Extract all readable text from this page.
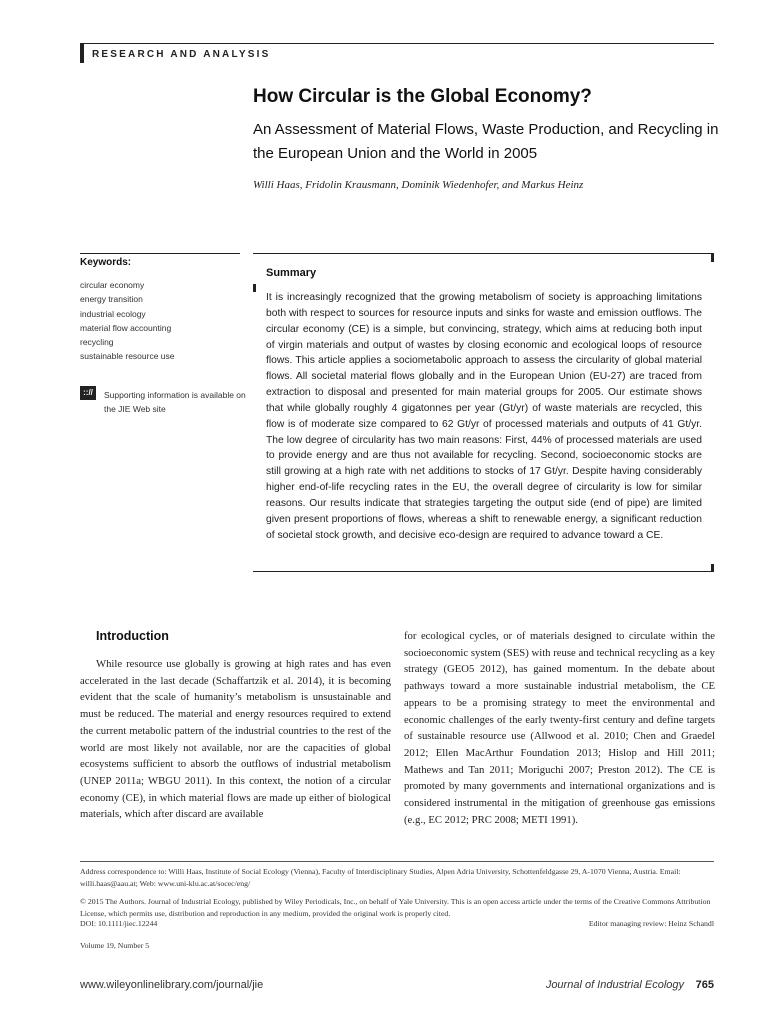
RESEARCH AND ANALYSIS
How Circular is the Global Economy?
An Assessment of Material Flows, Waste Production, and Recycling in the European Union and the World in 2005
Willi Haas, Fridolin Krausmann, Dominik Wiedenhofer, and Markus Heinz
Keywords:
circular economy
energy transition
industrial ecology
material flow accounting
recycling
sustainable resource use
:://	Supporting information is available on the JIE Web site
Summary

It is increasingly recognized that the growing metabolism of society is approaching limitations both with respect to sources for resource inputs and sinks for waste and emission outflows. The circular economy (CE) is a simple, but convincing, strategy, which aims at reducing both input of virgin materials and output of wastes by closing economic and ecological loops of resource flows. This article applies a sociometabolic approach to assess the circularity of global material flows. All societal material flows globally and in the European Union (EU-27) are traced from extraction to disposal and presented for main material groups for 2005. Our estimate shows that while globally roughly 4 gigatonnes per year (Gt/yr) of waste materials are recycled, this flow is of moderate size compared to 62 Gt/yr of processed materials and outputs of 41 Gt/yr. The low degree of circularity has two main reasons: First, 44% of processed materials are used to provide energy and are thus not available for recycling. Second, socioeconomic stocks are still growing at a high rate with net additions to stocks of 17 Gt/yr. Despite having considerably higher end-of-life recycling rates in the EU, the overall degree of circularity is low for similar reasons. Our results indicate that strategies targeting the output side (end of pipe) are limited given present proportions of flows, whereas a shift to renewable energy, a significant reduction of societal stock growth, and decisive eco-design are required to advance toward a CE.

Introduction

While resource use globally is growing at high rates and has even accelerated in the last decade (Schaffartzik et al. 2014), it is becoming evident that the scale of humanity’s metabolism is unsustainable and must be reduced. The material and energy resources required to extend the current metabolic pattern of the industrial countries to the rest of the world are most likely not available, nor are the capacities of global ecosystems sufficient to absorb the outflows of industrial metabolism (UNEP 2011a; WBGU 2011). In this context, the notion of a circular economy (CE), in which material flows are made up either of biological materials, which after discard are available

for ecological cycles, or of materials designed to circulate within the socioeconomic system (SES) with reuse and technical recycling as a key strategy (GEO5 2012), has gained momentum. In the debate about pathways toward a more sustainable industrial metabolism, the CE appears to be a promising strategy to meet the environmental and economic challenges of the early twenty-first century and define targets of sustainable resource use (Allwood et al. 2010; Chen and Graedel 2012; Ellen MacArthur Foundation 2013; Hislop and Hill 2011; Mathews and Tan 2011; Moriguchi 2007; Preston 2012). The CE is promoted by many governments and international organizations and is considered instrumental in the mitigation of greenhouse gas emissions (e.g., EC 2012; PRC 2008; METI 1991).

Address correspondence to: Willi Haas, Institute of Social Ecology (Vienna), Faculty of Interdisciplinary Studies, Alpen Adria University, Schottenfeldgasse 29, A-1070 Vienna, Austria. Email: willi.haas@aau.at; Web: www.uni-klu.ac.at/socec/eng/
© 2015 The Authors. Journal of Industrial Ecology, published by Wiley Periodicals, Inc., on behalf of Yale University. This is an open access article under the terms of the Creative Commons Attribution License, which permits use, distribution and reproduction in any medium, provided the original work is properly cited.
DOI: 10.1111/jiec.12244	Editor managing review: Heinz Schandl
Volume 19, Number 5
www.wileyonlinelibrary.com/journal/jie	Journal of Industrial Ecology	765
